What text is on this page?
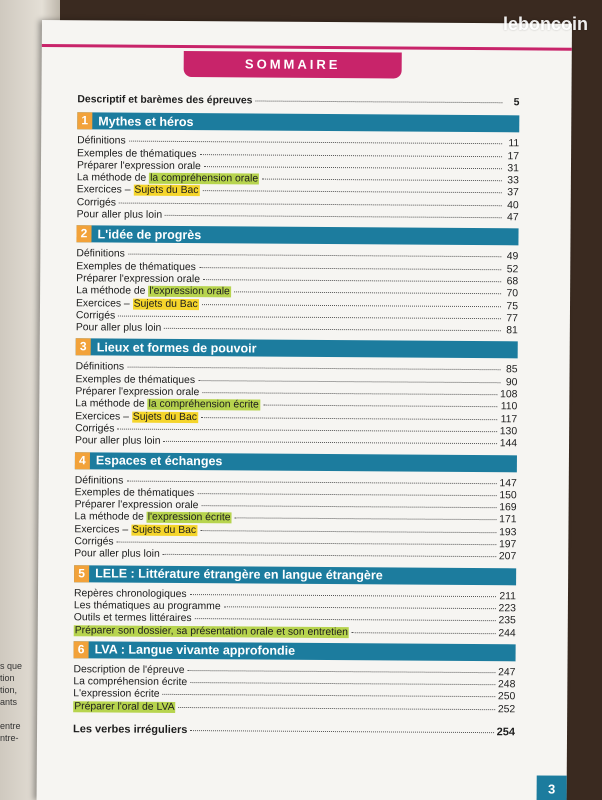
s que
tion
tion,
ants

entre
ntre-
SOMMAIRE
Descriptif et barèmes des épreuves	5
1 Mythes et héros
Définitions	11
Exemples de thématiques	17
Préparer l'expression orale	31
La méthode de la compréhension orale	33
Exercices – Sujets du Bac	37
Corrigés	40
Pour aller plus loin	47
2 L'idée de progrès
Définitions	49
Exemples de thématiques	52
Préparer l'expression orale	68
La méthode de l'expression orale	70
Exercices – Sujets du Bac	75
Corrigés	77
Pour aller plus loin	81
3 Lieux et formes de pouvoir
Définitions	85
Exemples de thématiques	90
Préparer l'expression orale	108
La méthode de la compréhension écrite	110
Exercices – Sujets du Bac	117
Corrigés	130
Pour aller plus loin	144
4 Espaces et échanges
Définitions	147
Exemples de thématiques	150
Préparer l'expression orale	169
La méthode de l'expression écrite	171
Exercices – Sujets du Bac	193
Corrigés	197
Pour aller plus loin	207
5 LELE : Littérature étrangère en langue étrangère
Repères chronologiques	211
Les thématiques au programme	223
Outils et termes littéraires	235
Préparer son dossier, sa présentation orale et son entretien	244
6 LVA : Langue vivante approfondie
Description de l'épreuve	247
La compréhension écrite	248
L'expression écrite	250
Préparer l'oral de LVA	252
Les verbes irréguliers	254
3
leboncoin
